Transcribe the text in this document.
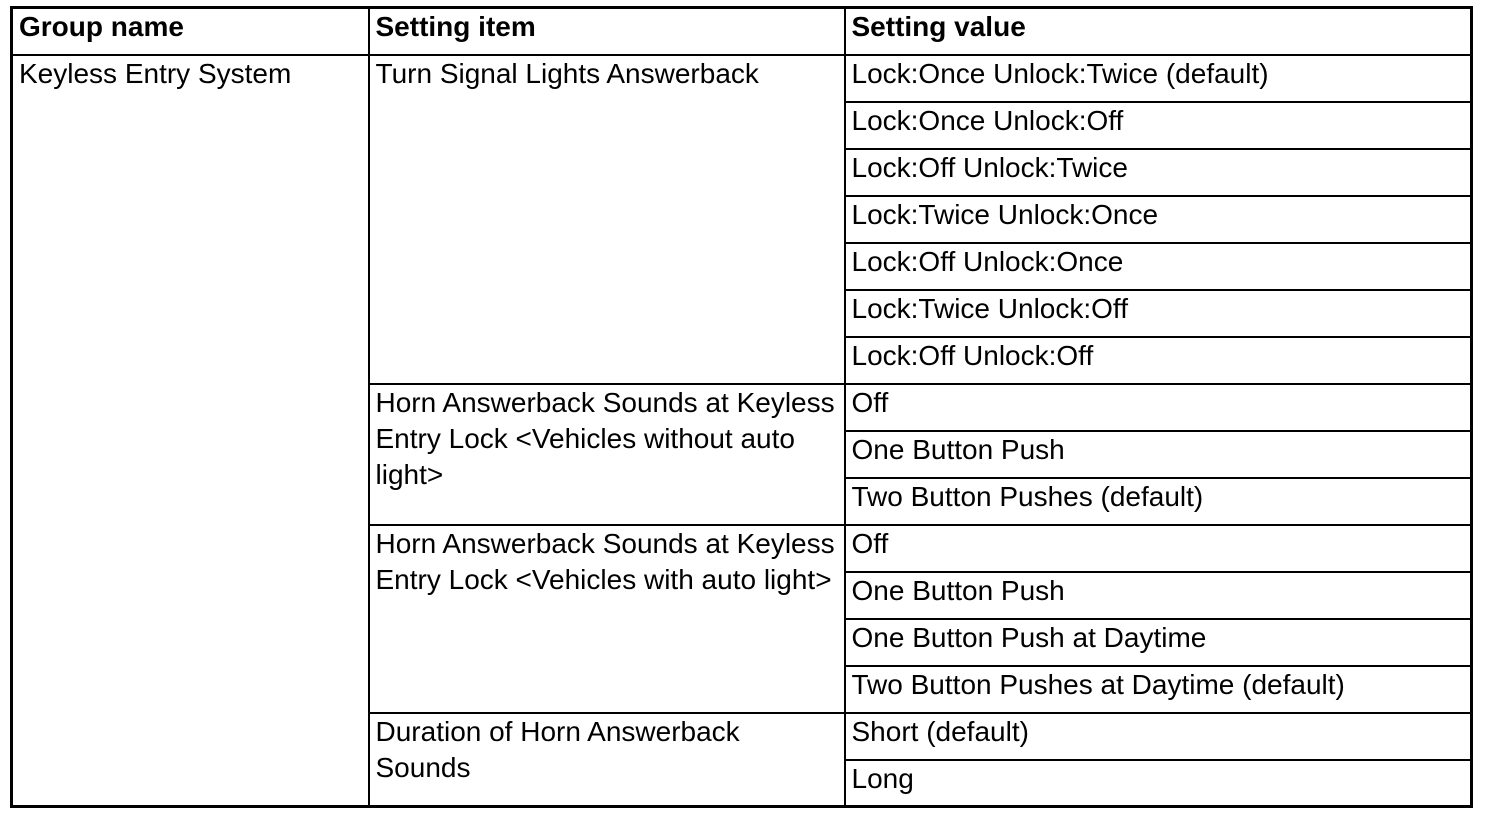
Group name	Setting item	Setting value
Keyless Entry System	Turn Signal Lights Answerback	Lock:Once Unlock:Twice (default)
		Lock:Once Unlock:Off
		Lock:Off Unlock:Twice
		Lock:Twice Unlock:Once
		Lock:Off Unlock:Once
		Lock:Twice Unlock:Off
		Lock:Off Unlock:Off
	Horn Answerback Sounds at Keyless Entry Lock <Vehicles without auto light>	Off
		One Button Push
		Two Button Pushes (default)
	Horn Answerback Sounds at Keyless Entry Lock <Vehicles with auto light>	Off
		One Button Push
		One Button Push at Daytime
		Two Button Pushes at Daytime (default)
	Duration of Horn Answerback Sounds	Short (default)
		Long
